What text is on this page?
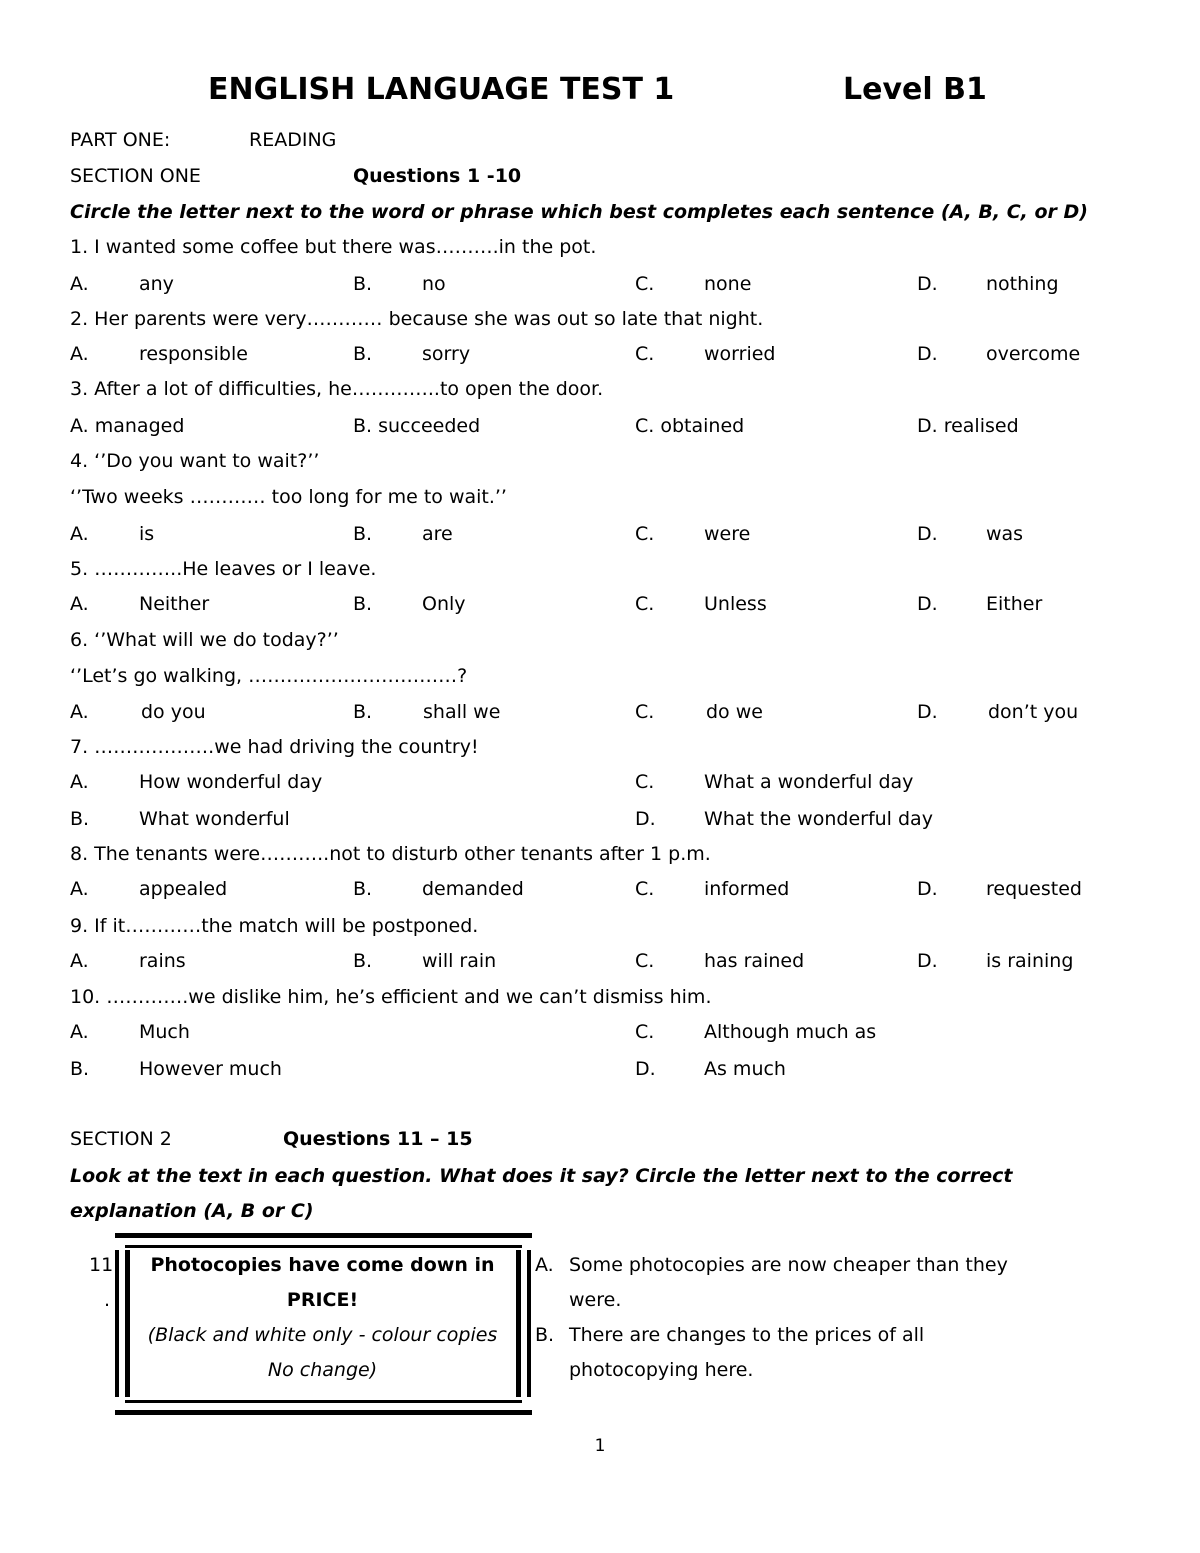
ENGLISH LANGUAGE TEST 1	Level B1
PART ONE:	READING
SECTION ONE	Questions 1 -10
Circle the letter next to the word or phrase which best completes each sentence (A, B, C, or D)
1. I wanted some coffee but there was……….in the pot.
A.	any	B.	no	C.	none	D.	nothing
2. Her parents were very………… because she was out so late that night.
A.	responsible	B.	sorry	C.	worried	D.	overcome
3. After a lot of difficulties, he…………..to open the door.
A. managed	B. succeeded	C. obtained	D. realised
4. ‘’Do you want to wait?’’
‘’Two weeks ………… too long for me to wait.’’
A.	is	B.	are	C.	were	D.	was
5. …………..He leaves or I leave.
A.	Neither	B.	Only	C.	Unless	D.	Either
6. ‘’What will we do today?’’
‘’Let’s go walking, ……………………………?
A.	do you	B.	shall we	C.	do we	D.	don’t you
7. ……………….we had driving the country!
A.	How wonderful day	C.	What a wonderful day
B.	What wonderful	D.	What the wonderful day
8. The tenants were………..not to disturb other tenants after 1 p.m.
A.	appealed	B.	demanded	C.	informed	D.	requested
9. If it…………the match will be postponed.
A.	rains	B.	will rain	C.	has rained	D.	is raining
10. ………….we dislike him, he’s efficient and we can’t dismiss him.
A.	Much	C.	Although much as
B.	However much	D.	As much
SECTION 2	Questions 11 – 15
Look at the text in each question. What does it say? Circle the letter next to the correct
explanation (A, B or C)
11
.
Photocopies have come down in
PRICE!
(Black and white only - colour copies
No change)
A. Some photocopies are now cheaper than they
were.
B. There are changes to the prices of all
photocopying here.
1
